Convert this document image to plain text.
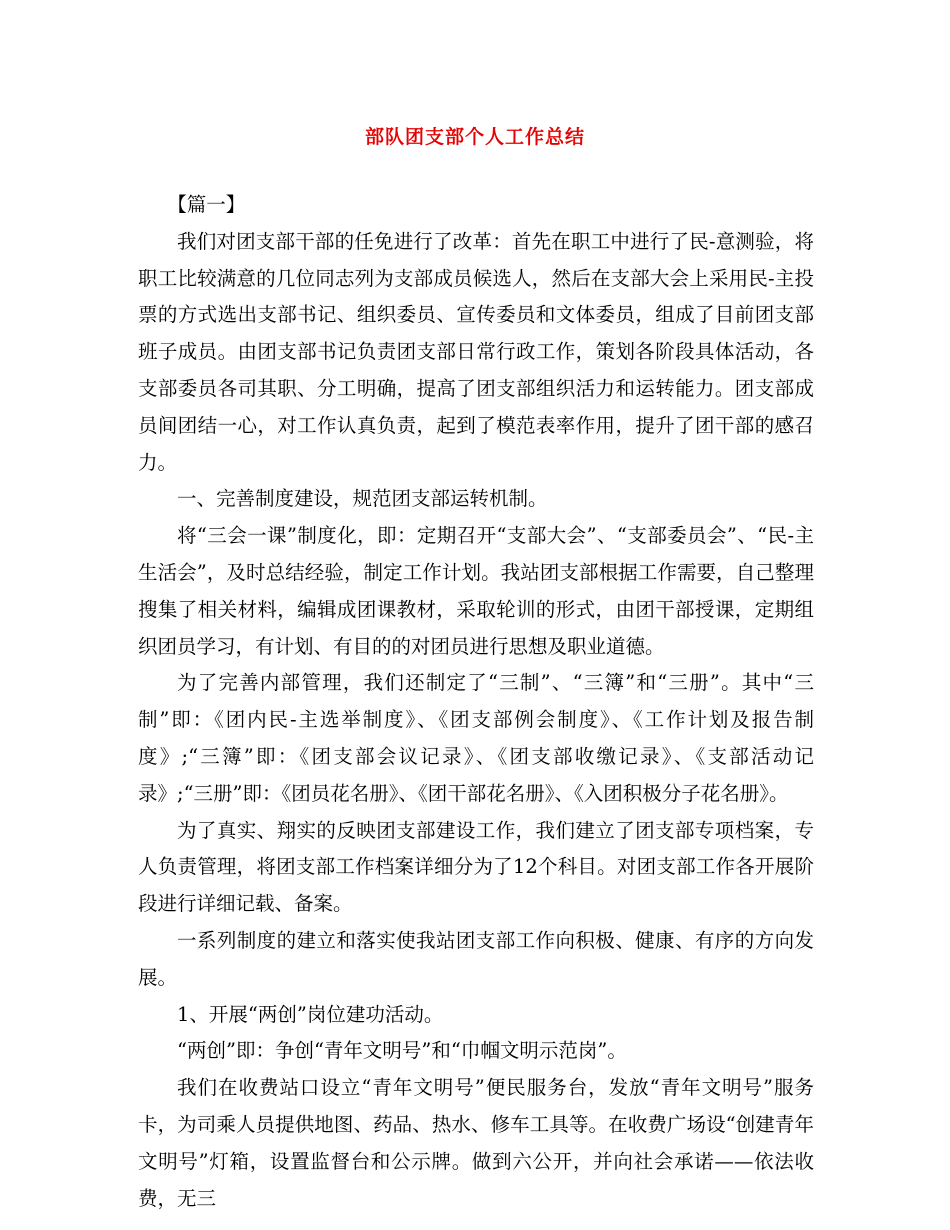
部队团支部个人工作总结

【篇一】

我们对团支部干部的任免进行了改革：首先在职工中进行了民-意测验，将职工比较满意的几位同志列为支部成员候选人，然后在支部大会上采用民-主投票的方式选出支部书记、组织委员、宣传委员和文体委员，组成了目前团支部班子成员。由团支部书记负责团支部日常行政工作，策划各阶段具体活动，各支部委员各司其职、分工明确，提高了团支部组织活力和运转能力。团支部成员间团结一心，对工作认真负责，起到了模范表率作用，提升了团干部的感召力。

一、完善制度建设，规范团支部运转机制。

将“三会一课”制度化，即：定期召开“支部大会”、“支部委员会”、“民-主生活会”，及时总结经验，制定工作计划。我站团支部根据工作需要，自己整理搜集了相关材料，编辑成团课教材，采取轮训的形式，由团干部授课，定期组织团员学习，有计划、有目的的对团员进行思想及职业道德。

为了完善内部管理，我们还制定了“三制”、“三簿”和“三册”。其中“三制”即：《团内民-主选举制度》、《团支部例会制度》、《工作计划及报告制度》;“三簿”即：《团支部会议记录》、《团支部收缴记录》、《支部活动记录》;“三册”即：《团员花名册》、《团干部花名册》、《入团积极分子花名册》。

为了真实、翔实的反映团支部建设工作，我们建立了团支部专项档案，专人负责管理，将团支部工作档案详细分为了12个科目。对团支部工作各开展阶段进行详细记载、备案。

一系列制度的建立和落实使我站团支部工作向积极、健康、有序的方向发展。

1、开展“两创”岗位建功活动。

“两创”即：争创“青年文明号”和“巾帼文明示范岗”。

我们在收费站口设立“青年文明号”便民服务台，发放“青年文明号”服务卡，为司乘人员提供地图、药品、热水、修车工具等。在收费广场设“创建青年文明号”灯箱，设置监督台和公示牌。做到六公开，并向社会承诺——依法收费，无三
